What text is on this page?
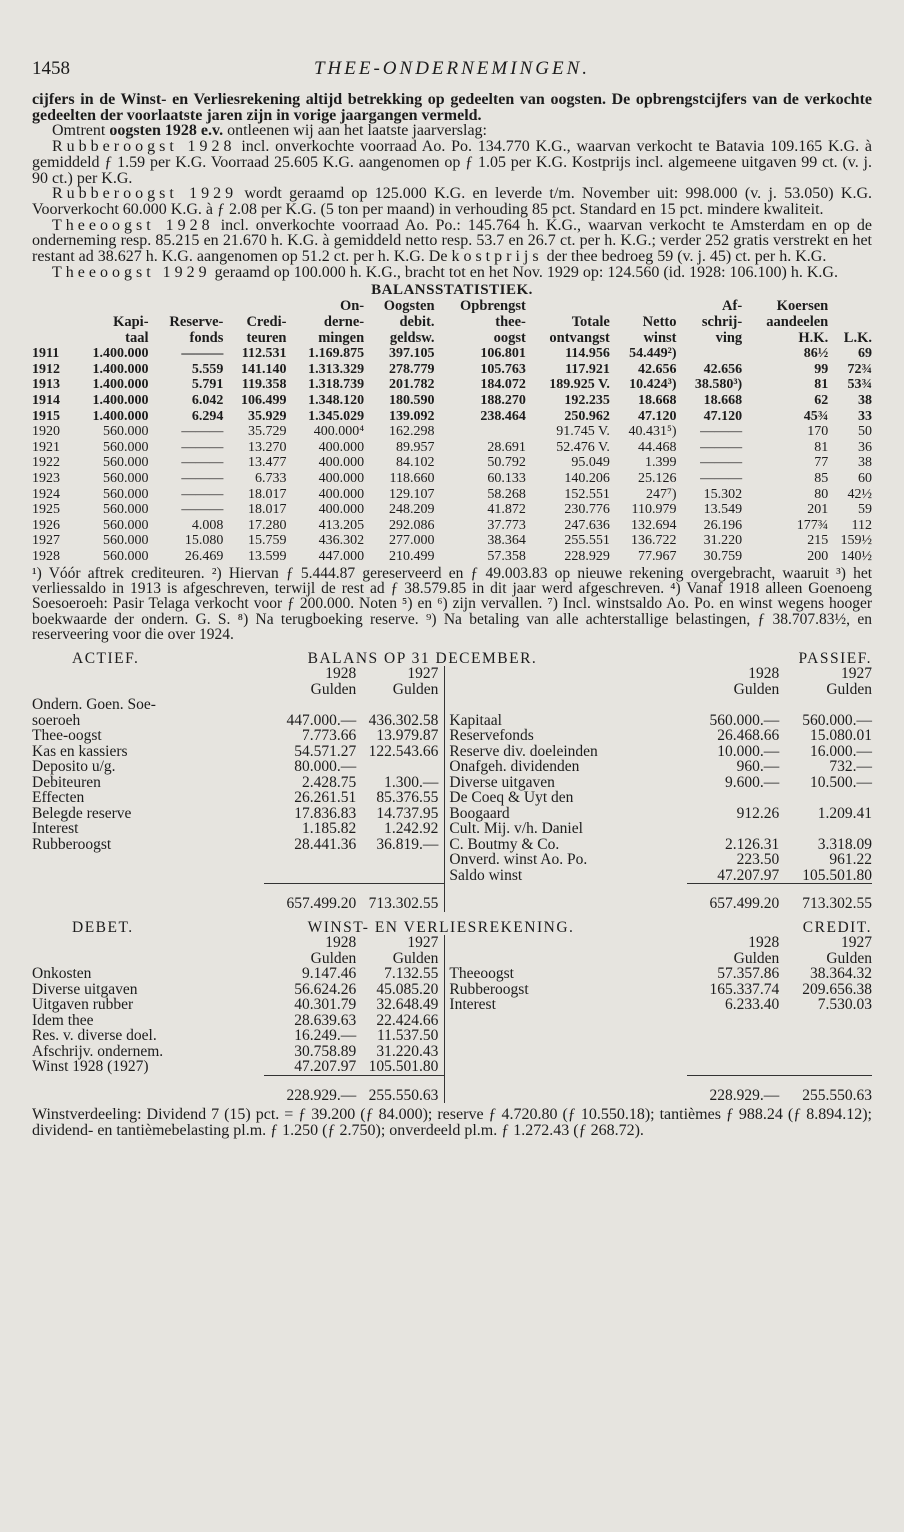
1458	THEE-ONDERNEMINGEN.

cijfers in de Winst- en Verliesrekening altijd betrekking op gedeelten van oogsten. De opbrengstcijfers van de verkochte gedeelten der voorlaatste jaren zijn in vorige jaargangen vermeld.

Omtrent oogsten 1928 e.v. ontleenen wij aan het laatste jaarverslag:

Rubberoogst 1928 incl. onverkochte voorraad Ao. Po. 134.770 K.G., waarvan verkocht te Batavia 109.165 K.G. à gemiddeld ƒ 1.59 per K.G. Voorraad 25.605 K.G. aangenomen op ƒ 1.05 per K.G. Kostprijs incl. algemeene uitgaven 99 ct. (v. j. 90 ct.) per K.G.

Rubberoogst 1929 wordt geraamd op 125.000 K.G. en leverde t/m. November uit: 998.000 (v. j. 53.050) K.G. Voorverkocht 60.000 K.G. à ƒ 2.08 per K.G. (5 ton per maand) in verhouding 85 pct. Standard en 15 pct. mindere kwaliteit.

Theeoogst 1928 incl. onverkochte voorraad Ao. Po.: 145.764 h. K.G., waarvan verkocht te Amsterdam en op de onderneming resp. 85.215 en 21.670 h. K.G. à gemiddeld netto resp. 53.7 en 26.7 ct. per h. K.G.; verder 252 gratis verstrekt en het restant ad 38.627 h. K.G. aangenomen op 51.2 ct. per h. K.G. De kostprijs der thee bedroeg 59 (v. j. 45) ct. per h. K.G.

Theeoogst 1929 geraamd op 100.000 h. K.G., bracht tot en het Nov. 1929 op: 124.560 (id. 1928: 106.100) h. K.G.

BALANSSTATISTIEK.

				On-	Oogsten	Opbrengst			Af-	Koersen	
	Kapi-	Reserve-	Credi-	derne-	debit.	thee-	Totale	Netto	schrij-	aandeelen	
	taal	fonds	teuren	mingen	geldsw.	oogst	ontvangst	winst	ving	H.K.	L.K.
1911	1.400.000	———	112.531	1.169.875	397.105	106.801	114.956	54.449²)		86½	69
1912	1.400.000	5.559	141.140	1.313.329	278.779	105.763	117.921	42.656	42.656	99	72¾
1913	1.400.000	5.791	119.358	1.318.739	201.782	184.072	189.925 V.	10.424³)	38.580³)	81	53¾
1914	1.400.000	6.042	106.499	1.348.120	180.590	188.270	192.235	18.668	18.668	62	38
1915	1.400.000	6.294	35.929	1.345.029	139.092	238.464	250.962	47.120	47.120	45¾	33
1920	560.000	———	35.729	400.000⁴	162.298		91.745 V.	40.431⁵)	———	170	50
1921	560.000	———	13.270	400.000	89.957	28.691	52.476 V.	44.468	———	81	36
1922	560.000	———	13.477	400.000	84.102	50.792	95.049	1.399	———	77	38
1923	560.000	———	6.733	400.000	118.660	60.133	140.206	25.126	———	85	60
1924	560.000	———	18.017	400.000	129.107	58.268	152.551	247⁷)	15.302	80	42½
1925	560.000	———	18.017	400.000	248.209	41.872	230.776	110.979	13.549	201	59
1926	560.000	4.008	17.280	413.205	292.086	37.773	247.636	132.694	26.196	177¾	112
1927	560.000	15.080	15.759	436.302	277.000	38.364	255.551	136.722	31.220	215	159½
1928	560.000	26.469	13.599	447.000	210.499	57.358	228.929	77.967	30.759	200	140½

¹) Vóór aftrek crediteuren. ²) Hiervan ƒ 5.444.87 gereserveerd en ƒ 49.003.83 op nieuwe rekening overgebracht, waaruit ³) het verliessaldo in 1913 is afgeschreven, terwijl de rest ad ƒ 38.579.85 in dit jaar werd afgeschreven. ⁴) Vanaf 1918 alleen Goenoeng Soesoeroeh: Pasir Telaga verkocht voor ƒ 200.000. Noten ⁵) en ⁶) zijn vervallen. ⁷) Incl. winstsaldo Ao. Po. en winst wegens hooger boekwaarde der ondern. G. S. ⁸) Na terugboeking reserve. ⁹) Na betaling van alle achterstallige belastingen, ƒ 38.707.83½, en reserveering voor die over 1924.

ACTIEF.	BALANS OP 31 DECEMBER.			PASSIEF.	
	1928	1927		1928	1927
	Gulden	Gulden		Gulden	Gulden
Ondern. Goen. Soe-					
soeroeh	447.000.—	436.302.58	Kapitaal	560.000.—	560.000.—
Thee-oogst	7.773.66	13.979.87	Reservefonds	26.468.66	15.080.01
Kas en kassiers	54.571.27	122.543.66	Reserve div. doeleinden	10.000.—	16.000.—
Deposito u/g.	80.000.—		Onafgeh. dividenden	960.—	732.—
Debiteuren	2.428.75	1.300.—	Diverse uitgaven	9.600.—	10.500.—
Effecten	26.261.51	85.376.55	De Coeq & Uyt den		
Belegde reserve	17.836.83	14.737.95	Boogaard	912.26	1.209.41
Interest	1.185.82	1.242.92	Cult. Mij. v/h. Daniel		
Rubberoogst	28.441.36	36.819.—	C. Boutmy & Co.	2.126.31	3.318.09
			Onverd. winst Ao. Po.	223.50	961.22
			Saldo winst	47.207.97	105.501.80
	657.499.20	713.302.55		657.499.20	713.302.55
DEBET.	WINST- EN VERLIESREKENING.			CREDIT.	
	1928	1927		1928	1927
	Gulden	Gulden		Gulden	Gulden
Onkosten	9.147.46	7.132.55	Theeoogst	57.357.86	38.364.32
Diverse uitgaven	56.624.26	45.085.20	Rubberoogst	165.337.74	209.656.38
Uitgaven rubber	40.301.79	32.648.49	Interest	6.233.40	7.530.03
Idem thee	28.639.63	22.424.66			
Res. v. diverse doel.	16.249.—	11.537.50			
Afschrijv. ondernem.	30.758.89	31.220.43			
Winst 1928 (1927)	47.207.97	105.501.80			
	228.929.—	255.550.63		228.929.—	255.550.63

Winstverdeeling: Dividend 7 (15) pct. = ƒ 39.200 (ƒ 84.000); reserve ƒ 4.720.80 (ƒ 10.550.18); tantièmes ƒ 988.24 (ƒ 8.894.12); dividend- en tantièmebelasting pl.m. ƒ 1.250 (ƒ 2.750); onverdeeld pl.m. ƒ 1.272.43 (ƒ 268.72).
